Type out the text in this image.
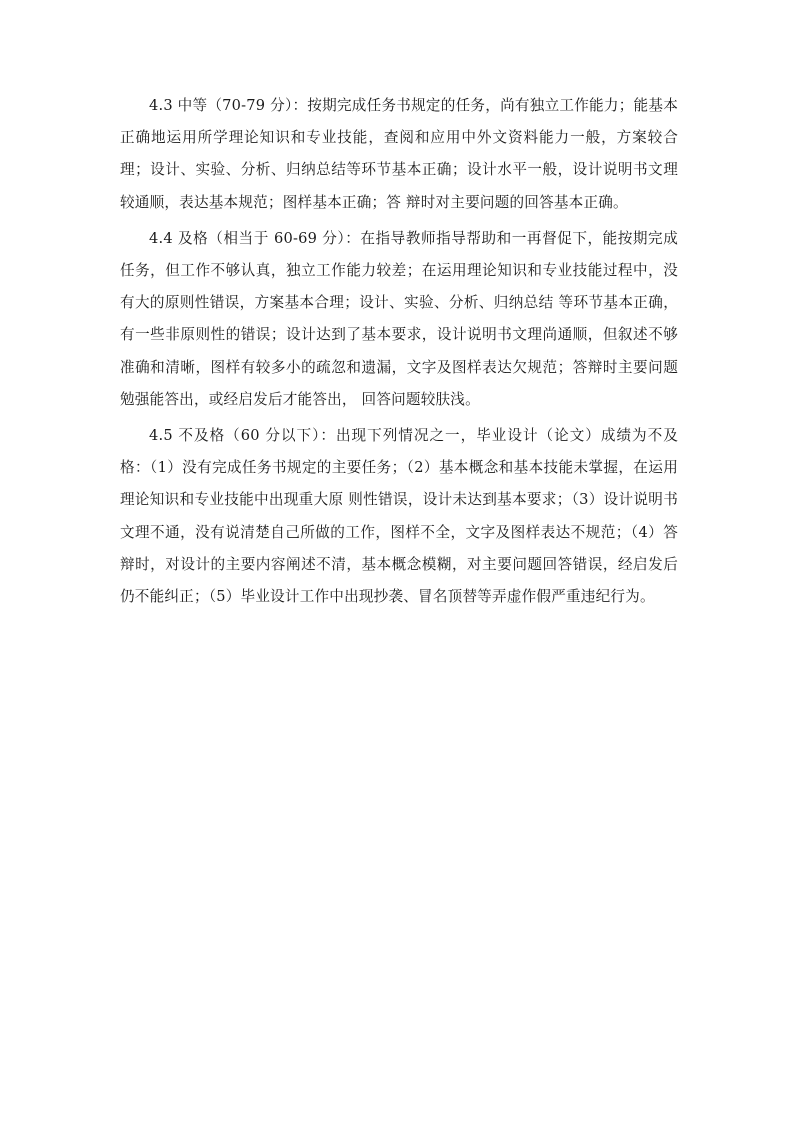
4.3 中等（70-79 分）：按期完成任务书规定的任务，尚有独立工作能力；能基本正确地运用所学理论知识和专业技能，查阅和应用中外文资料能力一般，方案较合理；设计、实验、分析、归纳总结等环节基本正确；设计水平一般，设计说明书文理较通顺，表达基本规范；图样基本正确；答 辩时对主要问题的回答基本正确。

4.4 及格（相当于 60-69 分）：在指导教师指导帮助和一再督促下，能按期完成任务，但工作不够认真，独立工作能力较差；在运用理论知识和专业技能过程中，没有大的原则性错误，方案基本合理；设计、实验、分析、归纳总结 等环节基本正确，有一些非原则性的错误；设计达到了基本要求，设计说明书文理尚通顺，但叙述不够准确和清晰，图样有较多小的疏忽和遗漏，文字及图样表达欠规范；答辩时主要问题勉强能答出，或经启发后才能答出， 回答问题较肤浅。

4.5 不及格（60 分以下）：出现下列情况之一，毕业设计（论文）成绩为不及格：（1）没有完成任务书规定的主要任务；（2）基本概念和基本技能未掌握，在运用理论知识和专业技能中出现重大原 则性错误，设计未达到基本要求；（3）设计说明书文理不通，没有说清楚自己所做的工作，图样不全，文字及图样表达不规范；（4）答辩时，对设计的主要内容阐述不清，基本概念模糊，对主要问题回答错误，经启发后仍不能纠正；（5）毕业设计工作中出现抄袭、冒名顶替等弄虚作假严重违纪行为。
